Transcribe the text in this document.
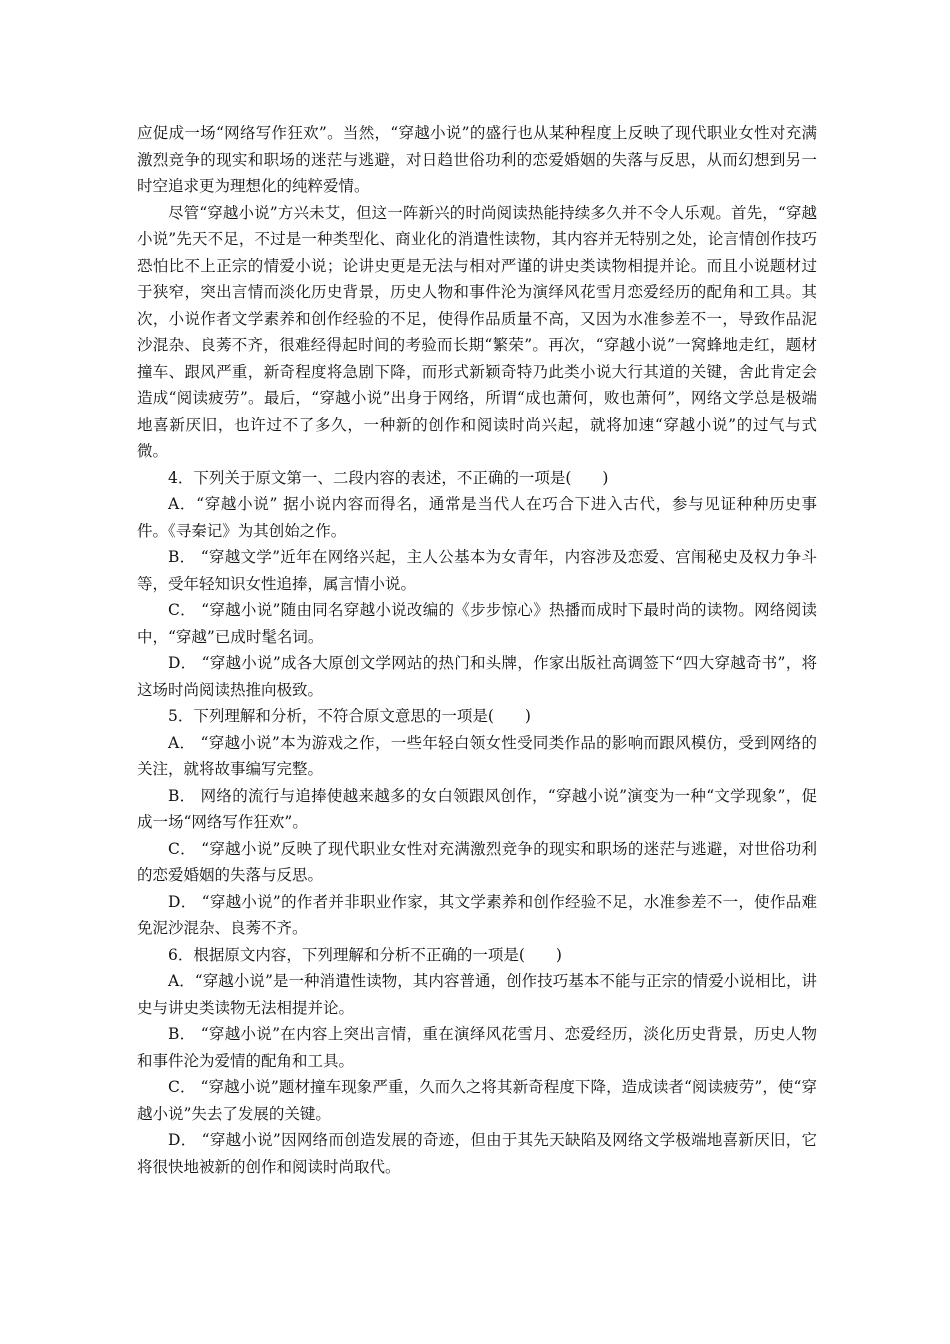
应促成一场“网络写作狂欢”。当然，“穿越小说”的盛行也从某种程度上反映了现代职业女性对充满激烈竞争的现实和职场的迷茫与逃避，对日趋世俗功利的恋爱婚姻的失落与反思，从而幻想到另一时空追求更为理想化的纯粹爱情。

尽管“穿越小说”方兴未艾，但这一阵新兴的时尚阅读热能持续多久并不令人乐观。首先，“穿越小说”先天不足，不过是一种类型化、商业化的消遣性读物，其内容并无特别之处，论言情创作技巧恐怕比不上正宗的情爱小说；论讲史更是无法与相对严谨的讲史类读物相提并论。而且小说题材过于狭窄，突出言情而淡化历史背景，历史人物和事件沦为演绎风花雪月恋爱经历的配角和工具。其次，小说作者文学素养和创作经验的不足，使得作品质量不高，又因为水准参差不一，导致作品泥沙混杂、良莠不齐，很难经得起时间的考验而长期“繁荣”。再次，“穿越小说”一窝蜂地走红，题材撞车、跟风严重，新奇程度将急剧下降，而形式新颖奇特乃此类小说大行其道的关键，舍此肯定会造成“阅读疲劳”。最后，“穿越小说”出身于网络，所谓“成也萧何，败也萧何”，网络文学总是极端地喜新厌旧，也许过不了多久，一种新的创作和阅读时尚兴起，就将加速“穿越小说”的过气与式微。

4．下列关于原文第一、二段内容的表述，不正确的一项是(　　)

A．“穿越小说” 据小说内容而得名，通常是当代人在巧合下进入古代，参与见证种种历史事件。《寻秦记》为其创始之作。

B． “穿越文学”近年在网络兴起，主人公基本为女青年，内容涉及恋爱、宫闱秘史及权力争斗等，受年轻知识女性追捧，属言情小说。

C． “穿越小说”随由同名穿越小说改编的《步步惊心》热播而成时下最时尚的读物。网络阅读中，“穿越”已成时髦名词。

D． “穿越小说”成各大原创文学网站的热门和头牌，作家出版社高调签下“四大穿越奇书”，将这场时尚阅读热推向极致。

5．下列理解和分析，不符合原文意思的一项是(　　)

A． “穿越小说”本为游戏之作，一些年轻白领女性受同类作品的影响而跟风模仿，受到网络的关注，就将故事编写完整。

B． 网络的流行与追捧使越来越多的女白领跟风创作，“穿越小说”演变为一种“文学现象”，促成一场“网络写作狂欢”。

C． “穿越小说”反映了现代职业女性对充满激烈竞争的现实和职场的迷茫与逃避，对世俗功利的恋爱婚姻的失落与反思。

D． “穿越小说”的作者并非职业作家，其文学素养和创作经验不足，水准参差不一，使作品难免泥沙混杂、良莠不齐。

6．根据原文内容，下列理解和分析不正确的一项是(　　)

A．“穿越小说”是一种消遣性读物，其内容普通，创作技巧基本不能与正宗的情爱小说相比，讲史与讲史类读物无法相提并论。

B． “穿越小说”在内容上突出言情，重在演绎风花雪月、恋爱经历，淡化历史背景，历史人物和事件沦为爱情的配角和工具。

C． “穿越小说”题材撞车现象严重，久而久之将其新奇程度下降，造成读者“阅读疲劳”，使“穿越小说”失去了发展的关键。

D． “穿越小说”因网络而创造发展的奇迹，但由于其先天缺陷及网络文学极端地喜新厌旧，它将很快地被新的创作和阅读时尚取代。
